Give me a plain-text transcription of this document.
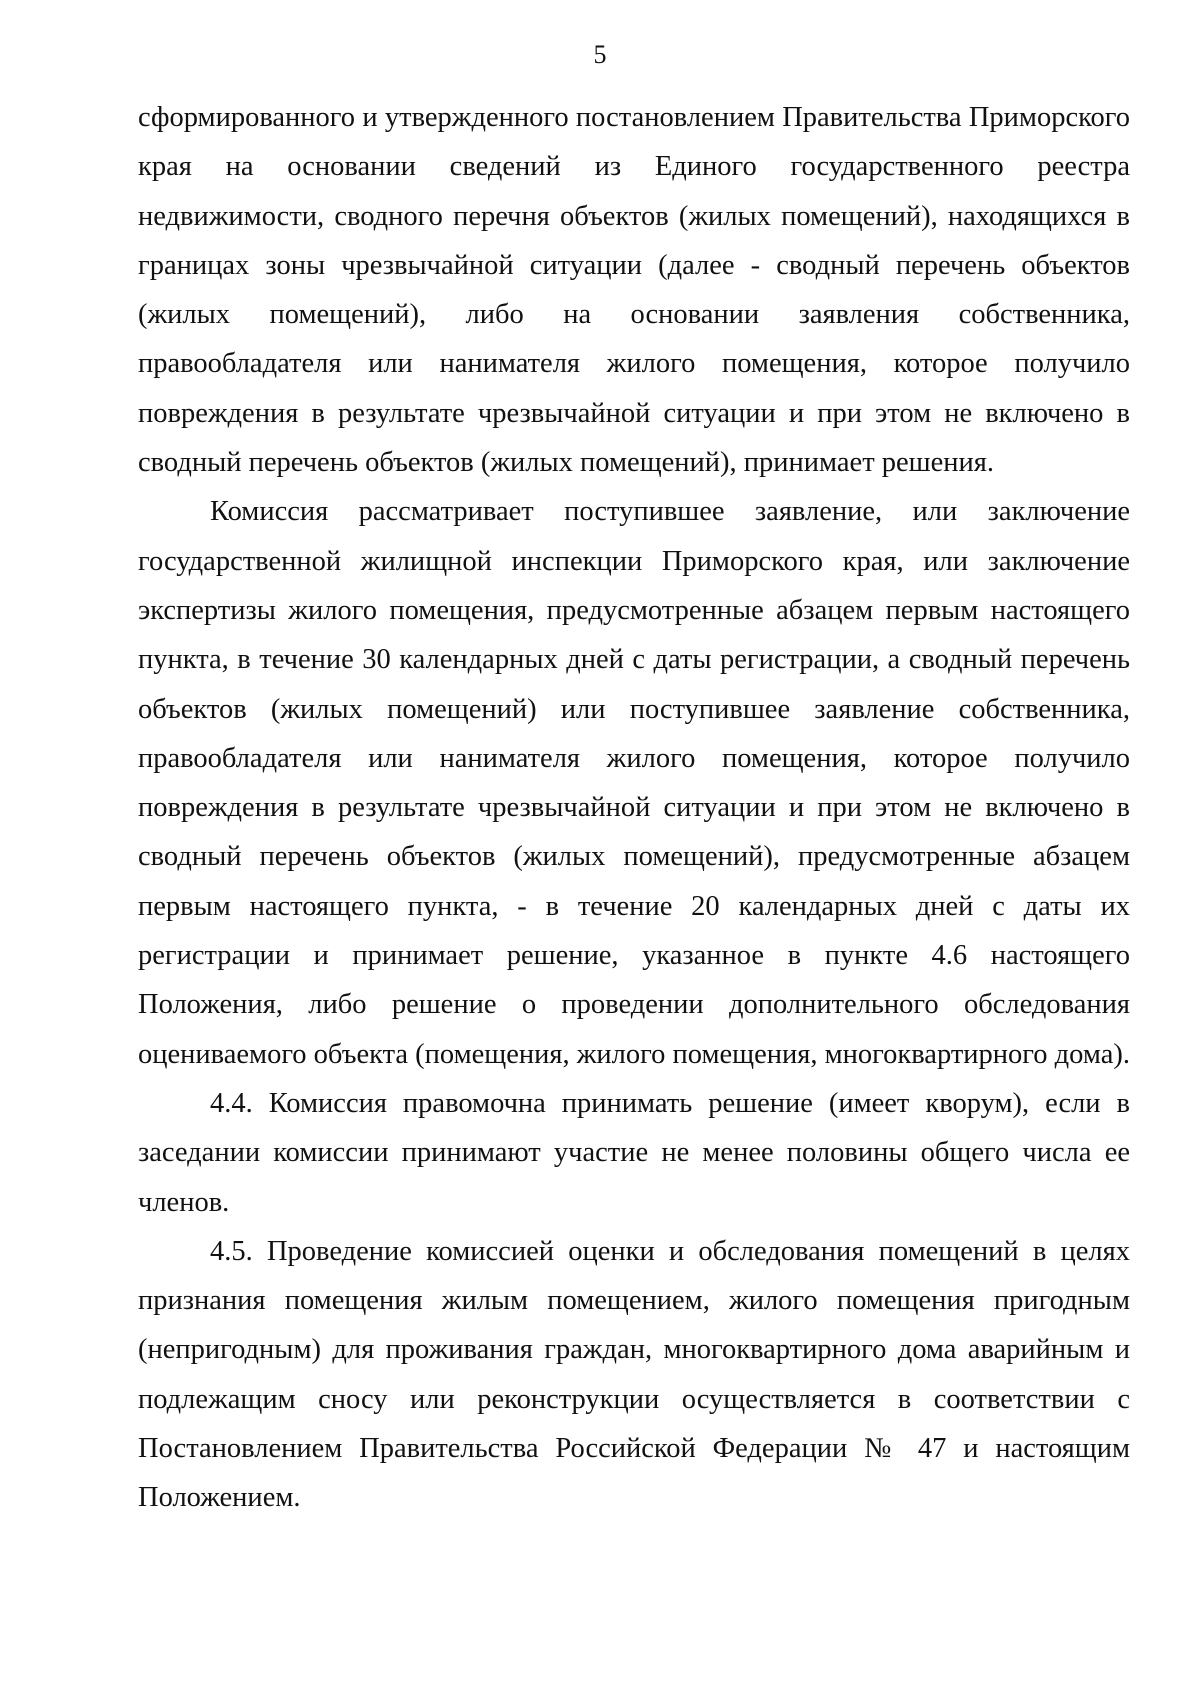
5

сформированного и утвержденного постановлением Правительства Приморского края на основании сведений из Единого государственного реестра недвижимости, сводного перечня объектов (жилых помещений), находящихся в границах зоны чрезвычайной ситуации (далее - сводный перечень объектов (жилых помещений), либо на основании заявления собственника, правообладателя или нанимателя жилого помещения, которое получило повреждения в результате чрезвычайной ситуации и при этом не включено в сводный перечень объектов (жилых помещений), принимает решения.

Комиссия рассматривает поступившее заявление, или заключение государственной жилищной инспекции Приморского края, или заключение экспертизы жилого помещения, предусмотренные абзацем первым настоящего пункта, в течение 30 календарных дней с даты регистрации, а сводный перечень объектов (жилых помещений) или поступившее заявление собственника, правообладателя или нанимателя жилого помещения, которое получило повреждения в результате чрезвычайной ситуации и при этом не включено в сводный перечень объектов (жилых помещений), предусмотренные абзацем первым настоящего пункта, - в течение 20 календарных дней с даты их регистрации и принимает решение, указанное в пункте 4.6 настоящего Положения, либо решение о проведении дополнительного обследования оцениваемого объекта (помещения, жилого помещения, многоквартирного дома).

4.4. Комиссия правомочна принимать решение (имеет кворум), если в заседании комиссии принимают участие не менее половины общего числа ее членов.

4.5. Проведение комиссией оценки и обследования помещений в целях признания помещения жилым помещением, жилого помещения пригодным (непригодным) для проживания граждан, многоквартирного дома аварийным и подлежащим сносу или реконструкции осуществляется в соответствии с Постановлением Правительства Российской Федерации № 47 и настоящим Положением.
